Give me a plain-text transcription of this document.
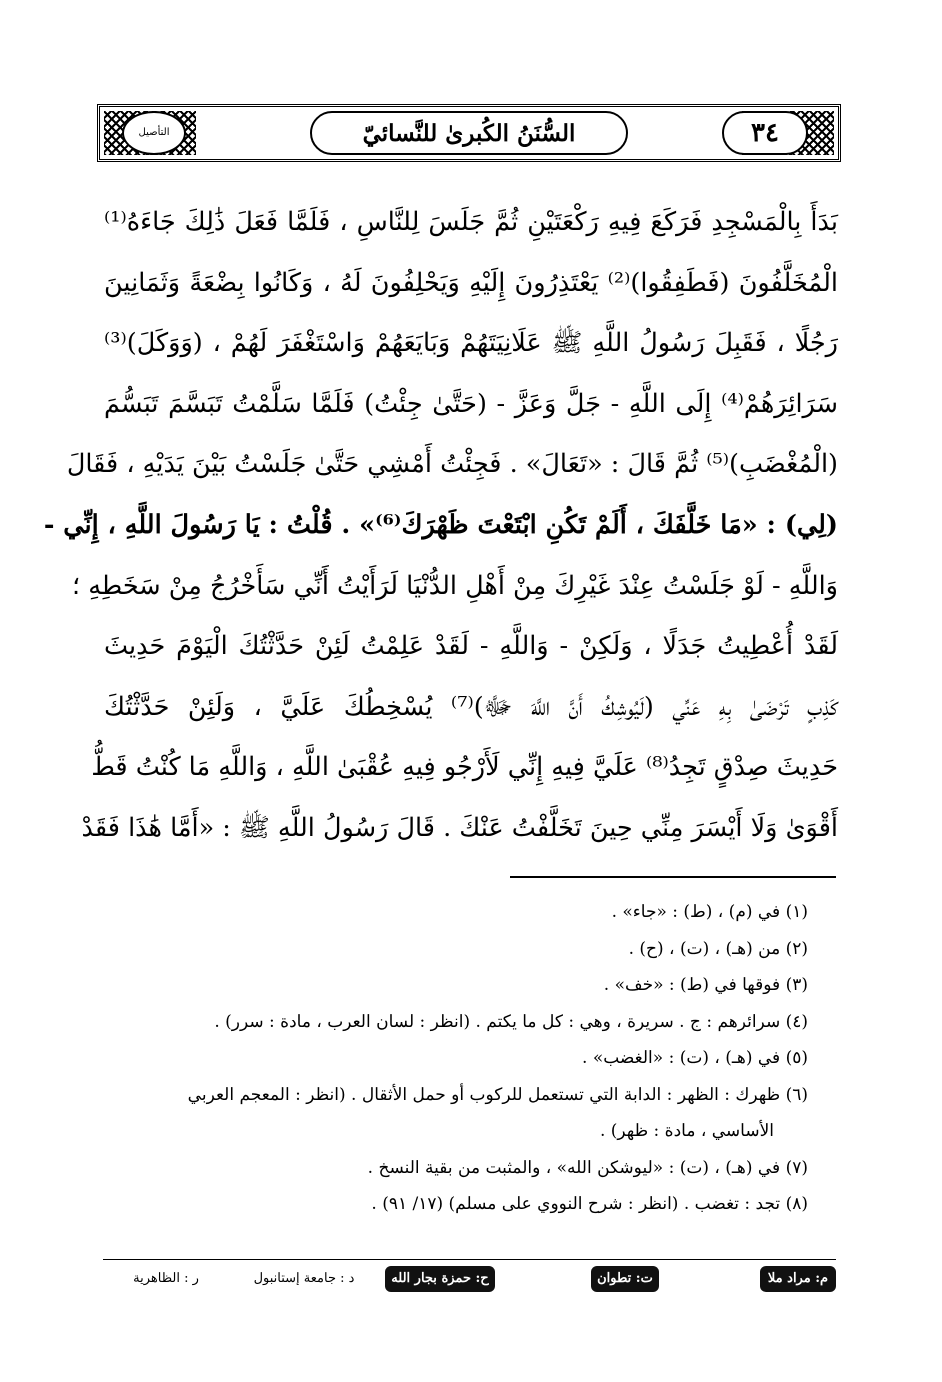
التأصيل	السُّنَنُ الكُبرىٰ للنَّسائيّ	٣٤
بَدَأَ بِالْمَسْجِدِ فَرَكَعَ فِيهِ رَكْعَتَيْنِ ثُمَّ جَلَسَ لِلنَّاسِ ، فَلَمَّا فَعَلَ ذَٰلِكَ جَاءَهُ⁽¹⁾
الْمُخَلَّفُونَ (فَطَفِقُوا)⁽²⁾ يَعْتَذِرُونَ إِلَيْهِ وَيَحْلِفُونَ لَهُ ، وَكَانُوا بِضْعَةً وَثَمَانِينَ
رَجُلًا ، فَقَبِلَ رَسُولُ اللَّهِ ﷺ عَلَانِيَتَهُمْ وَبَايَعَهُمْ وَاسْتَغْفَرَ لَهُمْ ، (وَوَكَلَ)⁽³⁾
سَرَائِرَهُمْ⁽⁴⁾ إِلَى اللَّهِ - جَلَّ وَعَزَّ - (حَتَّىٰ جِئْتُ) فَلَمَّا سَلَّمْتُ تَبَسَّمَ تَبَسُّمَ
(الْمُغْضَبِ)⁽⁵⁾ ثُمَّ قَالَ : «تَعَالَ» . فَجِئْتُ أَمْشِي حَتَّىٰ جَلَسْتُ بَيْنَ يَدَيْهِ ، فَقَالَ
(لِي) : «مَا خَلَّفَكَ ، أَلَمْ تَكُنِ ابْتَعْتَ ظَهْرَكَ⁽⁶⁾» . قُلْتُ : يَا رَسُولَ اللَّهِ ، إِنِّي -
وَاللَّهِ - لَوْ جَلَسْتُ عِنْدَ غَيْرِكَ مِنْ أَهْلِ الدُّنْيَا لَرَأَيْتُ أَنِّي سَأَخْرُجُ مِنْ سَخَطِهِ ؛
لَقَدْ أُعْطِيتُ جَدَلًا ، وَلَكِنْ - وَاللَّهِ - لَقَدْ عَلِمْتُ لَئِنْ حَدَّثْتُكَ الْيَوْمَ حَدِيثَ
كَذِبٍ تَرْضَىٰ بِهِ عَنِّي (لَيُوشِكُ أَنَّ اللَّهَ ﷻ)⁽⁷⁾ يُسْخِطُكَ عَلَيَّ ، وَلَئِنْ حَدَّثْتُكَ
حَدِيثَ صِدْقٍ تَجِدُ⁽⁸⁾ عَلَيَّ فِيهِ إِنِّي لَأَرْجُو فِيهِ عُقْبَىٰ اللَّهِ ، وَاللَّهِ مَا كُنْتُ قَطُّ
أَقْوَىٰ وَلَا أَيْسَرَ مِنِّي حِينَ تَخَلَّفْتُ عَنْكَ . قَالَ رَسُولُ اللَّهِ ﷺ : «أَمَّا هَٰذَا فَقَدْ
(١) في (م) ، (ط) : «جاء» .
(٢) من (هـ) ، (ت) ، (ح) .
(٣) فوقها في (ط) : «خف» .
(٤) سرائرهم : ج . سريرة ، وهي : كل ما يكتم . (انظر : لسان العرب ، مادة : سرر) .
(٥) في (هـ) ، (ت) : «الغضب» .
(٦) ظهرك : الظهر : الدابة التي تستعمل للركوب أو حمل الأثقال . (انظر : المعجم العربي
الأساسي ، مادة : ظهر) .
(٧) في (هـ) ، (ت) : «ليوشكن الله» ، والمثبت من بقية النسخ .
(٨) تجد : تغضب . (انظر : شرح النووي على مسلم) (١٧/ ٩١) .
م: مراد ملا
ت: تطوان
ح: حمزة بجار الله
د : جامعة إستانبول
ر : الظاهرية
